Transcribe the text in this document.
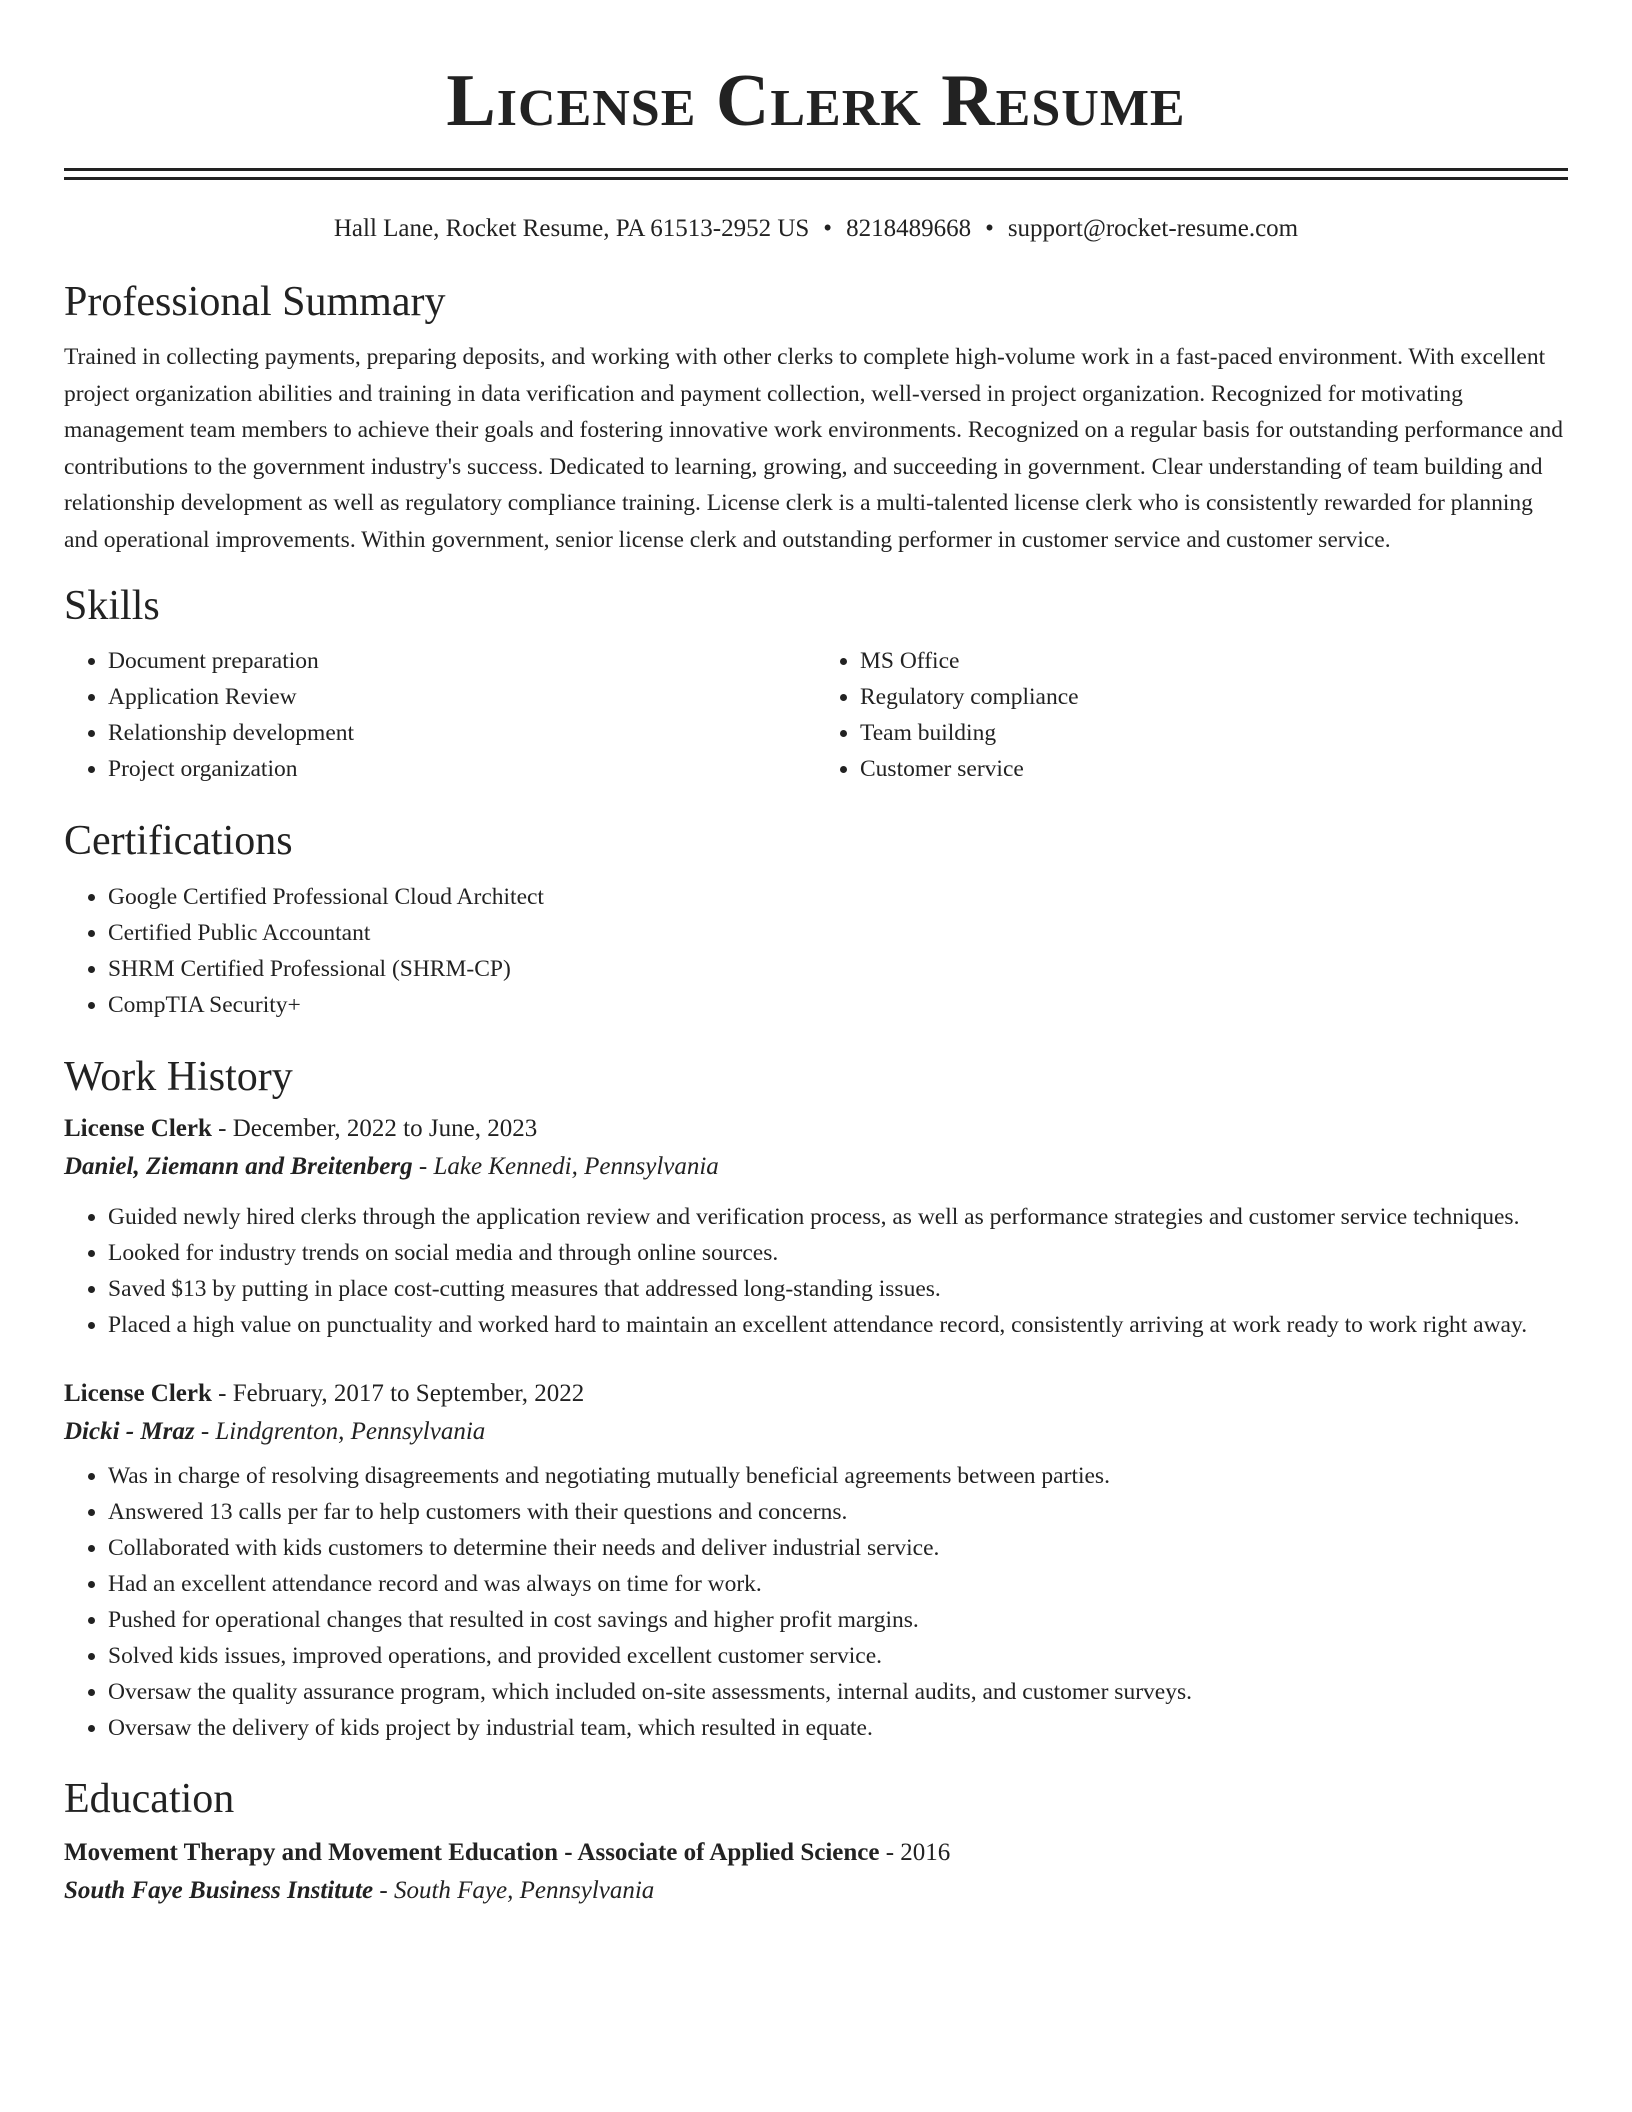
License Clerk Resume
Hall Lane, Rocket Resume, PA 61513-2952 US • 8218489668 • support@rocket-resume.com
Professional Summary

Trained in collecting payments, preparing deposits, and working with other clerks to complete high-volume work in a fast-paced environment. With excellent project organization abilities and training in data verification and payment collection, well-versed in project organization. Recognized for motivating management team members to achieve their goals and fostering innovative work environments. Recognized on a regular basis for outstanding performance and contributions to the government industry's success. Dedicated to learning, growing, and succeeding in government. Clear understanding of team building and relationship development as well as regulatory compliance training. License clerk is a multi-talented license clerk who is consistently rewarded for planning and operational improvements. Within government, senior license clerk and outstanding performer in customer service and customer service.

Skills
• Document preparation
• Application Review
• Relationship development
• Project organization
• MS Office
• Regulatory compliance
• Team building
• Customer service
Certifications
• Google Certified Professional Cloud Architect
• Certified Public Accountant
• SHRM Certified Professional (SHRM-CP)
• CompTIA Security+
Work History
License Clerk - December, 2022 to June, 2023
Daniel, Ziemann and Breitenberg - Lake Kennedi, Pennsylvania
• Guided newly hired clerks through the application review and verification process, as well as performance strategies and customer service techniques.
• Looked for industry trends on social media and through online sources.
• Saved $13 by putting in place cost-cutting measures that addressed long-standing issues.
• Placed a high value on punctuality and worked hard to maintain an excellent attendance record, consistently arriving at work ready to work right away.
License Clerk - February, 2017 to September, 2022
Dicki - Mraz - Lindgrenton, Pennsylvania
• Was in charge of resolving disagreements and negotiating mutually beneficial agreements between parties.
• Answered 13 calls per far to help customers with their questions and concerns.
• Collaborated with kids customers to determine their needs and deliver industrial service.
• Had an excellent attendance record and was always on time for work.
• Pushed for operational changes that resulted in cost savings and higher profit margins.
• Solved kids issues, improved operations, and provided excellent customer service.
• Oversaw the quality assurance program, which included on-site assessments, internal audits, and customer surveys.
• Oversaw the delivery of kids project by industrial team, which resulted in equate.
Education
Movement Therapy and Movement Education - Associate of Applied Science - 2016
South Faye Business Institute - South Faye, Pennsylvania
